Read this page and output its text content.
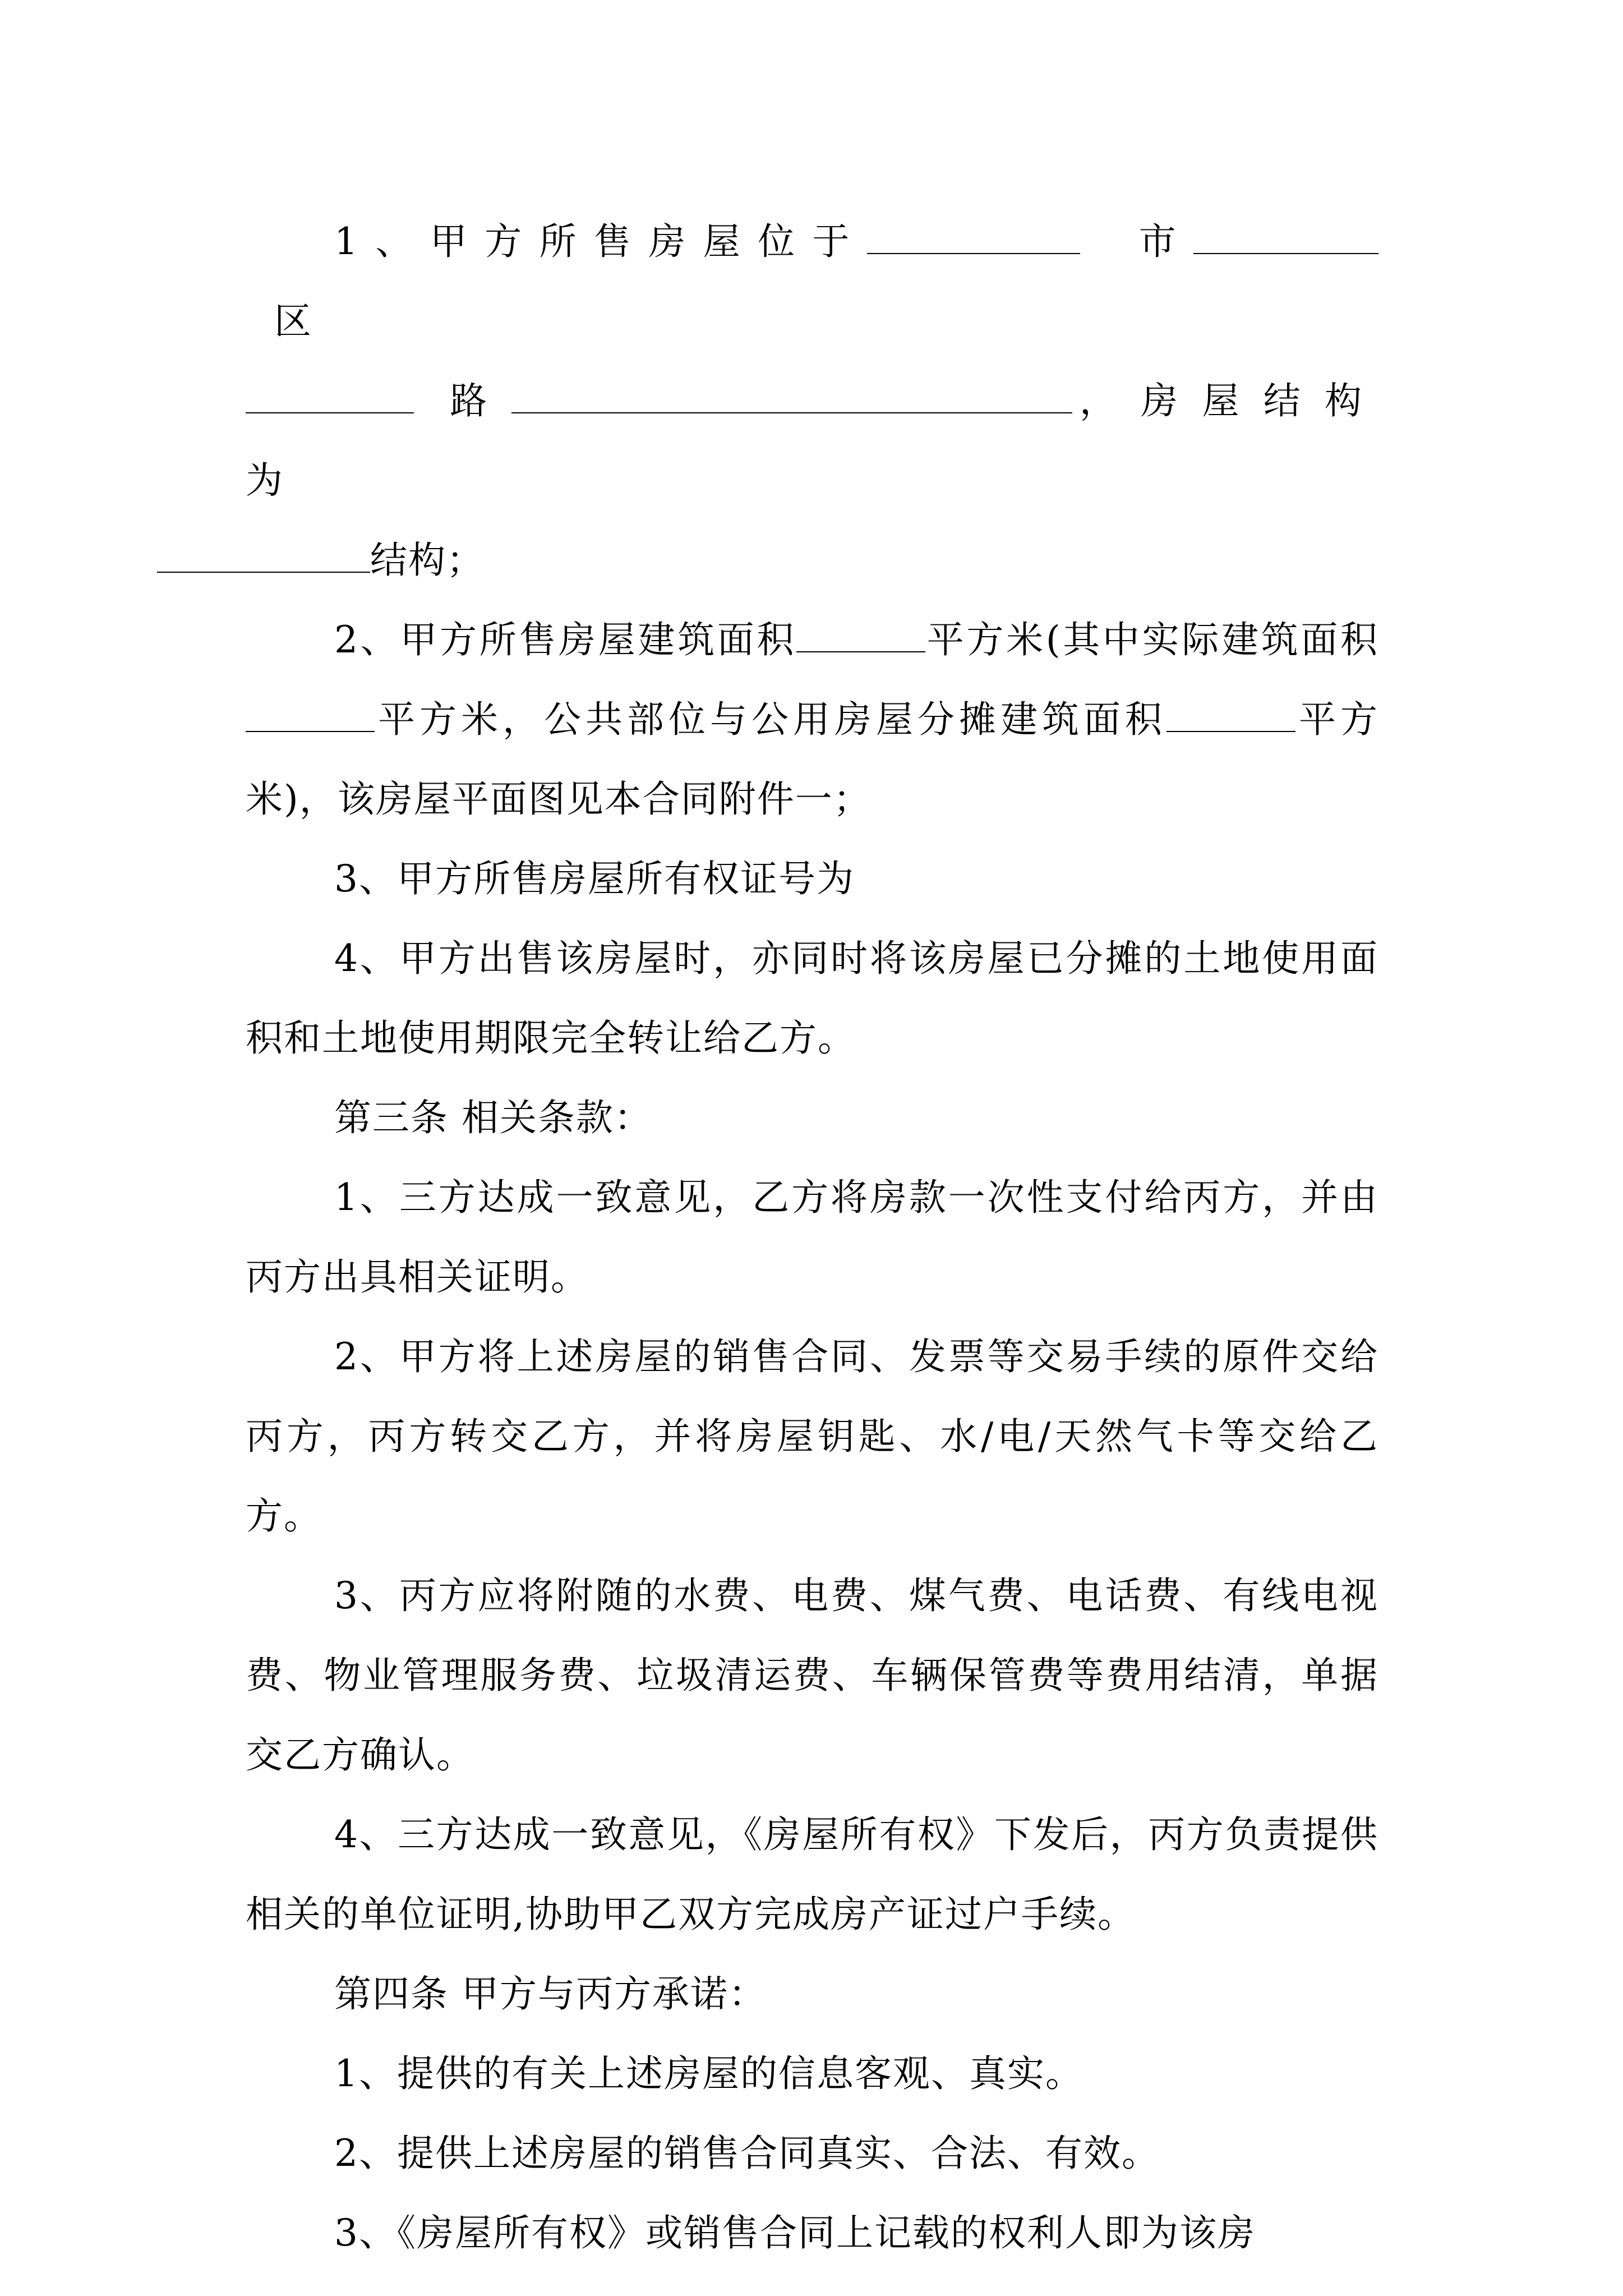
1、甲方所售房屋位于	市 区
路	，房屋结构为
结构；

2、甲方所售房屋建筑面积	平方米(其中实际建筑面积平方米，公共部位与公用房屋分摊建筑面积	平方米)，该房屋平面图见本合同附件一；

3、甲方所售房屋所有权证号为

4、甲方出售该房屋时，亦同时将该房屋已分摊的土地使用面积和土地使用期限完全转让给乙方。

第三条 相关条款：

1、三方达成一致意见，乙方将房款一次性支付给丙方，并由丙方出具相关证明。

2、甲方将上述房屋的销售合同、发票等交易手续的原件交给丙方，丙方转交乙方，并将房屋钥匙、水/电/天然气卡等交给乙方。

3、丙方应将附随的水费、电费、煤气费、电话费、有线电视费、物业管理服务费、垃圾清运费、车辆保管费等费用结清，单据交乙方确认。

4、三方达成一致意见，《房屋所有权》下发后，丙方负责提供相关的单位证明,协助甲乙双方完成房产证过户手续。

第四条 甲方与丙方承诺：

1、提供的有关上述房屋的信息客观、真实。

2、提供上述房屋的销售合同真实、合法、有效。

3、《房屋所有权》或销售合同上记载的权利人即为该房
